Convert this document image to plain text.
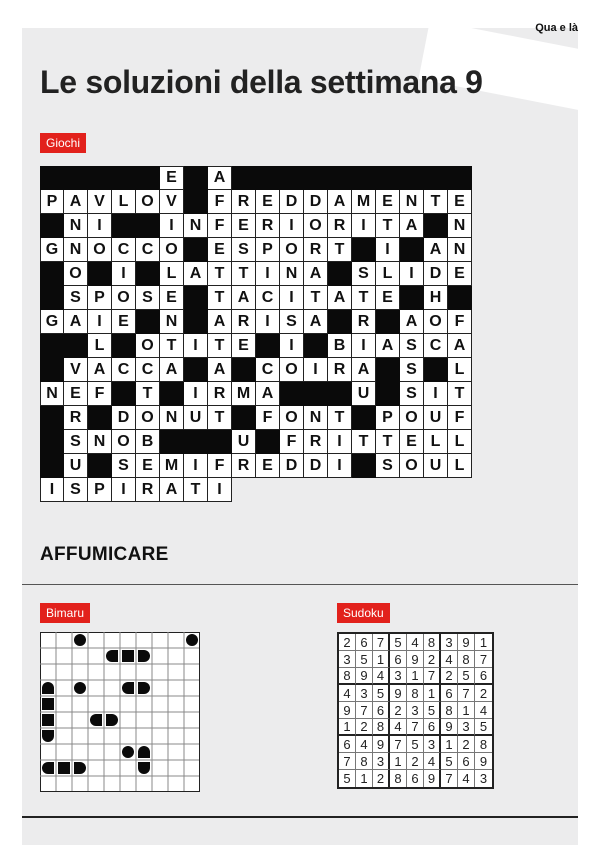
Qua e là
Le soluzioni della settimana 9
Giochi
E	A
P A V L O V	F R E D D A M E N T E
N I	I	N F E R I O R I	T A	N
G N O C C O	E S P O R T	I	A N
O	I	L A T T	I	N A	S L	I	D E
S P O S E	T A C I	T A T E	H
G A I	E	N	A R I	S A	R	A O F
L	O T	I	T E	I	B I	A S C A
V A C C A	A	C O I	R A	S	L
N E F	T	I	R M A	U	S	I	T
R	D O N U T	F O N T	P O U F
S N O B	U	F R I	T T E L L
U	S E M I	F R E D D I	S O U L
I S P	I	R A T	I
AFFUMICARE
Bimaru	Sudoku
2 6 7 5 4 8 3 9 1
3 5 1 6 9 2 4 8 7
8 9 4 3 1 7 2 5 6
4 3 5 9 8 1 6 7 2
9 7 6 2 3 5 8 1 4
1 2 8 4 7 6 9 3 5
6 4 9 7 5 3 1 2 8
7 8 3 1 2 4 5 6 9
5 1 2 8 6 9 7 4 3
